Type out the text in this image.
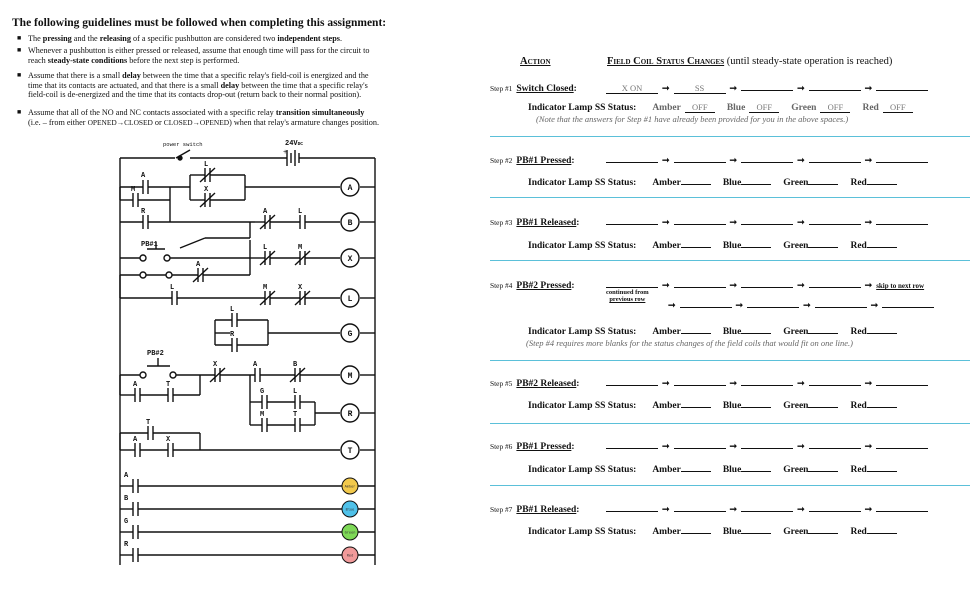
The following guidelines must be followed when completing this assignment:
■ The pressing and the releasing of a specific pushbutton are considered two independent steps.
■ Whenever a pushbutton is either pressed or released, assume that enough time will pass for the circuit to
reach steady-state conditions before the next step is performed.
■ Assume that there is a small delay between the time that a specific relay's field-coil is energized and the
time that its contacts are actuated, and that there is a small delay between the time that a specific relay's
field-coil is de-energized and the time that its contacts drop-out (return back to their normal position).
■ Assume that all of the NO and NC contacts associated with a specific relay transition simultaneously
(i.e. – from either OPENED→CLOSED or CLOSED→OPENED) when that relay's armature changes position.
A
B
X
L
G
M
R
T
Amber
Blue
Green
Red
A
M
R
L
X
A	L
L	M
A
L	M	X
L
R
X	A	B
A	T
G	L
M	T
T
A	X
A
B
G
R
power switch
PB#1
PB#2
24VDC
+
Action	Field Coil Status Changes (until steady-state operation is reached)
Step #1 Switch Closed:	X ON ➞	SS	➞	➞	➞
Indicator Lamp SS Status: Amber OFF Blue OFF Green OFF Red OFF
(Note that the answers for Step #1 have already been provided for you in the above spaces.)
Step #2 PB#1 Pressed:	➞	➞	➞	➞
Indicator Lamp SS Status: Amber	Blue	Green	Red
Step #3 PB#1 Released:	➞	➞	➞	➞
Indicator Lamp SS Status: Amber	Blue	Green	Red
Step #4 PB#2 Pressed:	➞	➞	➞	➞ skip to next row
continued from
previous row
➞	➞	➞	➞
(Step #4 requires more blanks for the status changes of the field coils that would fit on one line.)
Indicator Lamp SS Status: Amber	Blue	Green	Red
Step #5 PB#2 Released:	➞	➞	➞	➞
Indicator Lamp SS Status: Amber	Blue	Green	Red
Step #6 PB#1 Pressed:	➞	➞	➞	➞
Indicator Lamp SS Status: Amber	Blue	Green	Red
Step #7 PB#1 Released:	➞	➞	➞	➞
Indicator Lamp SS Status: Amber	Blue	Green	Red
